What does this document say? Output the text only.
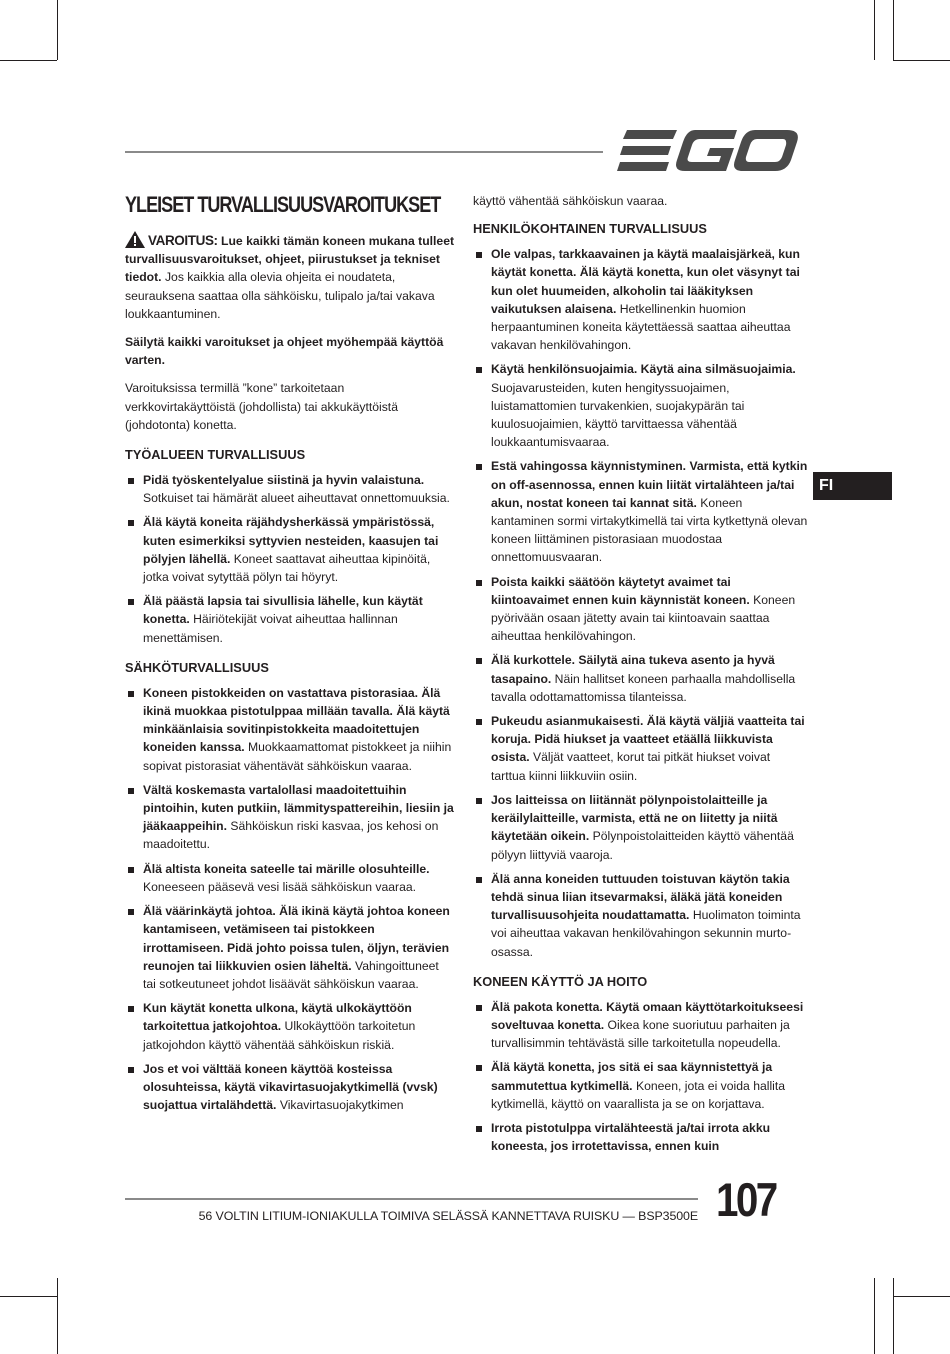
YLEISET TURVALLISUUSVAROITUKSET

VAROITUS: Lue kaikki tämän koneen mukana tulleet turvallisuusvaroitukset, ohjeet, piirustukset ja tekniset tiedot. Jos kaikkia alla olevia ohjeita ei noudateta, seurauksena saattaa olla sähköisku, tulipalo ja/tai vakava loukkaantuminen.

Säilytä kaikki varoitukset ja ohjeet myöhempää käyttöä varten.

Varoituksissa termillä ”kone” tarkoitetaan verkkovirtakäyttöistä (johdollista) tai akkukäyttöistä (johdotonta) konetta.

TYÖALUEEN TURVALLISUUS
Pidä työskentelyalue siistinä ja hyvin valaistuna. Sotkuiset tai hämärät alueet aiheuttavat onnettomuuksia.
Älä käytä koneita räjähdysherkässä ympäristössä, kuten esimerkiksi syttyvien nesteiden, kaasujen tai pölyjen lähellä. Koneet saattavat aiheuttaa kipinöitä, jotka voivat sytyttää pölyn tai höyryt.
Älä päästä lapsia tai sivullisia lähelle, kun käytät konetta. Häiriötekijät voivat aiheuttaa hallinnan menettämisen.
SÄHKÖTURVALLISUUS
Koneen pistokkeiden on vastattava pistorasiaa. Älä ikinä muokkaa pistotulppaa millään tavalla. Älä käytä minkäänlaisia sovitinpistokkeita maadoitettujen koneiden kanssa. Muokkaamattomat pistokkeet ja niihin sopivat pistorasiat vähentävät sähköiskun vaaraa.
Vältä koskemasta vartalollasi maadoitettuihin pintoihin, kuten putkiin, lämmityspattereihin, liesiin ja jääkaappeihin. Sähköiskun riski kasvaa, jos kehosi on maadoitettu.
Älä altista koneita sateelle tai märille olosuhteille. Koneeseen pääsevä vesi lisää sähköiskun vaaraa.
Älä väärinkäytä johtoa. Älä ikinä käytä johtoa koneen kantamiseen, vetämiseen tai pistokkeen irrottamiseen. Pidä johto poissa tulen, öljyn, terävien reunojen tai liikkuvien osien läheltä. Vahingoittuneet tai sotkeutuneet johdot lisäävät sähköiskun vaaraa.
Kun käytät konetta ulkona, käytä ulkokäyttöön tarkoitettua jatkojohtoa. Ulkokäyttöön tarkoitetun jatkojohdon käyttö vähentää sähköiskun riskiä.
Jos et voi välttää koneen käyttöä kosteissa olosuhteissa, käytä vikavirtasuojakytkimellä (vvsk) suojattua virtalähdettä. Vikavirtasuojakytkimen

käyttö vähentää sähköiskun vaaraa.

HENKILÖKOHTAINEN TURVALLISUUS
Ole valpas, tarkkaavainen ja käytä maalaisjärkeä, kun käytät konetta. Älä käytä konetta, kun olet väsynyt tai kun olet huumeiden, alkoholin tai lääkityksen vaikutuksen alaisena. Hetkellinenkin huomion herpaantuminen koneita käytettäessä saattaa aiheuttaa vakavan henkilövahingon.
Käytä henkilönsuojaimia. Käytä aina silmäsuojaimia. Suojavarusteiden, kuten hengityssuojaimen, luistamattomien turvakenkien, suojakypärän tai kuulosuojaimien, käyttö tarvittaessa vähentää loukkaantumisvaaraa.
Estä vahingossa käynnistyminen. Varmista, että kytkin on off-asennossa, ennen kuin liität virtalähteen ja/tai akun, nostat koneen tai kannat sitä. Koneen kantaminen sormi virtakytkimellä tai virta kytkettynä olevan koneen liittäminen pistorasiaan muodostaa onnettomuusvaaran.
Poista kaikki säätöön käytetyt avaimet tai kiintoavaimet ennen kuin käynnistät koneen. Koneen pyörivään osaan jätetty avain tai kiintoavain saattaa aiheuttaa henkilövahingon.
Älä kurkottele. Säilytä aina tukeva asento ja hyvä tasapaino. Näin hallitset koneen parhaalla mahdollisella tavalla odottamattomissa tilanteissa.
Pukeudu asianmukaisesti. Älä käytä väljiä vaatteita tai koruja. Pidä hiukset ja vaatteet etäällä liikkuvista osista. Väljät vaatteet, korut tai pitkät hiukset voivat tarttua kiinni liikkuviin osiin.
Jos laitteissa on liitännät pölynpoistolaitteille ja keräilylaitteille, varmista, että ne on liitetty ja niitä käytetään oikein. Pölynpoistolaitteiden käyttö vähentää pölyyn liittyviä vaaroja.
Älä anna koneiden tuttuuden toistuvan käytön takia tehdä sinua liian itsevarmaksi, äläkä jätä koneiden turvallisuusohjeita noudattamatta. Huolimaton toiminta voi aiheuttaa vakavan henkilövahingon sekunnin murto-osassa.
KONEEN KÄYTTÖ JA HOITO
Älä pakota konetta. Käytä omaan käyttötarkoitukseesi soveltuvaa konetta. Oikea kone suoriutuu parhaiten ja turvallisimmin tehtävästä sille tarkoitetulla nopeudella.
Älä käytä konetta, jos sitä ei saa käynnistettyä ja sammutettua kytkimellä. Koneen, jota ei voida hallita kytkimellä, käyttö on vaarallista ja se on korjattava.
Irrota pistotulppa virtalähteestä ja/tai irrota akku koneesta, jos irrotettavissa, ennen kuin
FI
56 VOLTIN LITIUM-IONIAKULLA TOIMIVA SELÄSSÄ KANNETTAVA RUISKU — BSP3500E 107
